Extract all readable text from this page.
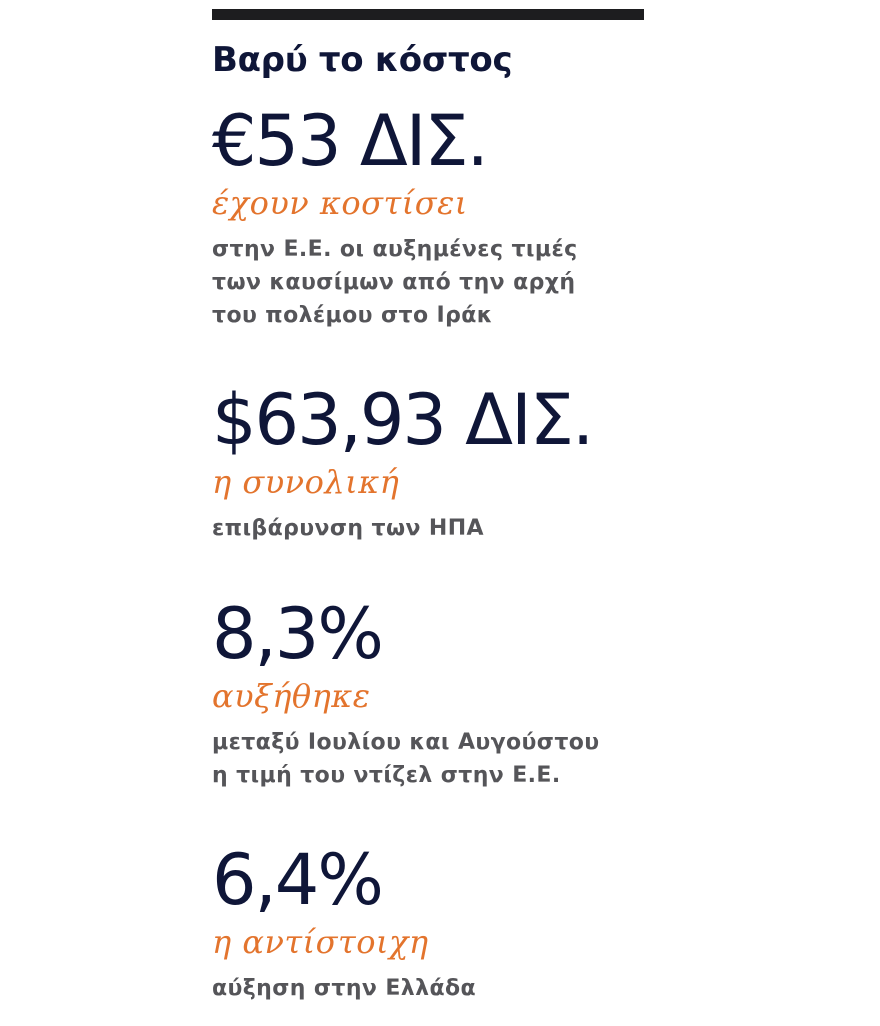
Βαρύ το κόστος
€53 ΔΙΣ.
έχουν κοστίσει
στην Ε.Ε. οι αυξημένες τιμές
των καυσίμων από την αρχή
του πολέμου στο Ιράκ
$63,93 ΔΙΣ.
η συνολική
επιβάρυνση των ΗΠΑ
8,3%
αυξήθηκε
μεταξύ Ιουλίου και Αυγούστου
η τιμή του ντίζελ στην Ε.Ε.
6,4%
η αντίστοιχη
αύξηση στην Ελλάδα
